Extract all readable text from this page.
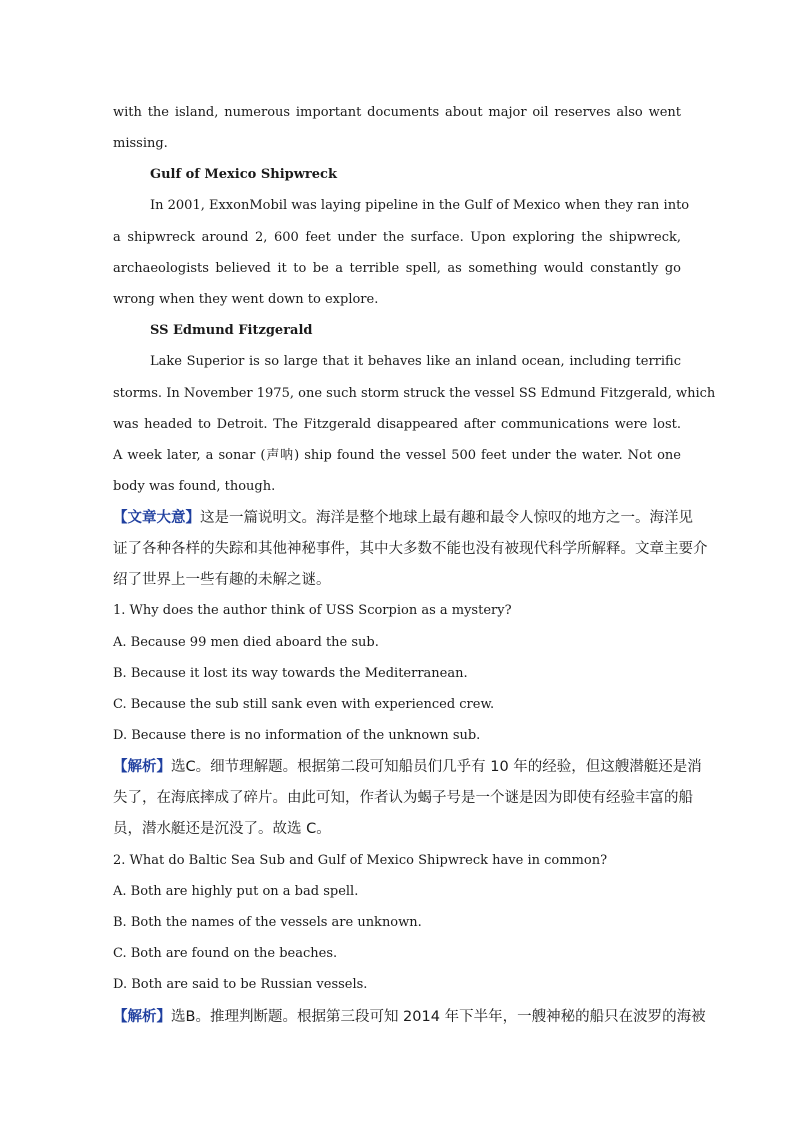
with the island, numerous important documents about major oil reserves also went
missing.
Gulf of Mexico Shipwreck
In 2001, ExxonMobil was laying pipeline in the Gulf of Mexico when they ran into
a shipwreck around 2, 600 feet under the surface. Upon exploring the shipwreck,
archaeologists believed it to be a terrible spell, as something would constantly go
wrong when they went down to explore.
SS Edmund Fitzgerald
Lake Superior is so large that it behaves like an inland ocean, including terrific
storms. In November 1975, one such storm struck the vessel SS Edmund Fitzgerald, which
was headed to Detroit. The Fitzgerald disappeared after communications were lost.
A week later, a sonar (声呐) ship found the vessel 500 feet under the water. Not one
body was found, though.
【文章大意】这是一篇说明文。海洋是整个地球上最有趣和最令人惊叹的地方之一。海洋见
证了各种各样的失踪和其他神秘事件，其中大多数不能也没有被现代科学所解释。文章主要介
绍了世界上一些有趣的未解之谜。
1. Why does the author think of USS Scorpion as a mystery?
A. Because 99 men died aboard the sub.
B. Because it lost its way towards the Mediterranean.
C. Because the sub still sank even with experienced crew.
D. Because there is no information of the unknown sub.
【解析】选C。细节理解题。根据第二段可知船员们几乎有 10 年的经验，但这艘潜艇还是消
失了，在海底摔成了碎片。由此可知，作者认为蝎子号是一个谜是因为即使有经验丰富的船
员，潜水艇还是沉没了。故选 C。
2. What do Baltic Sea Sub and Gulf of Mexico Shipwreck have in common?
A. Both are highly put on a bad spell.
B. Both the names of the vessels are unknown.
C. Both are found on the beaches.
D. Both are said to be Russian vessels.
【解析】选B。推理判断题。根据第三段可知 2014 年下半年，一艘神秘的船只在波罗的海被
